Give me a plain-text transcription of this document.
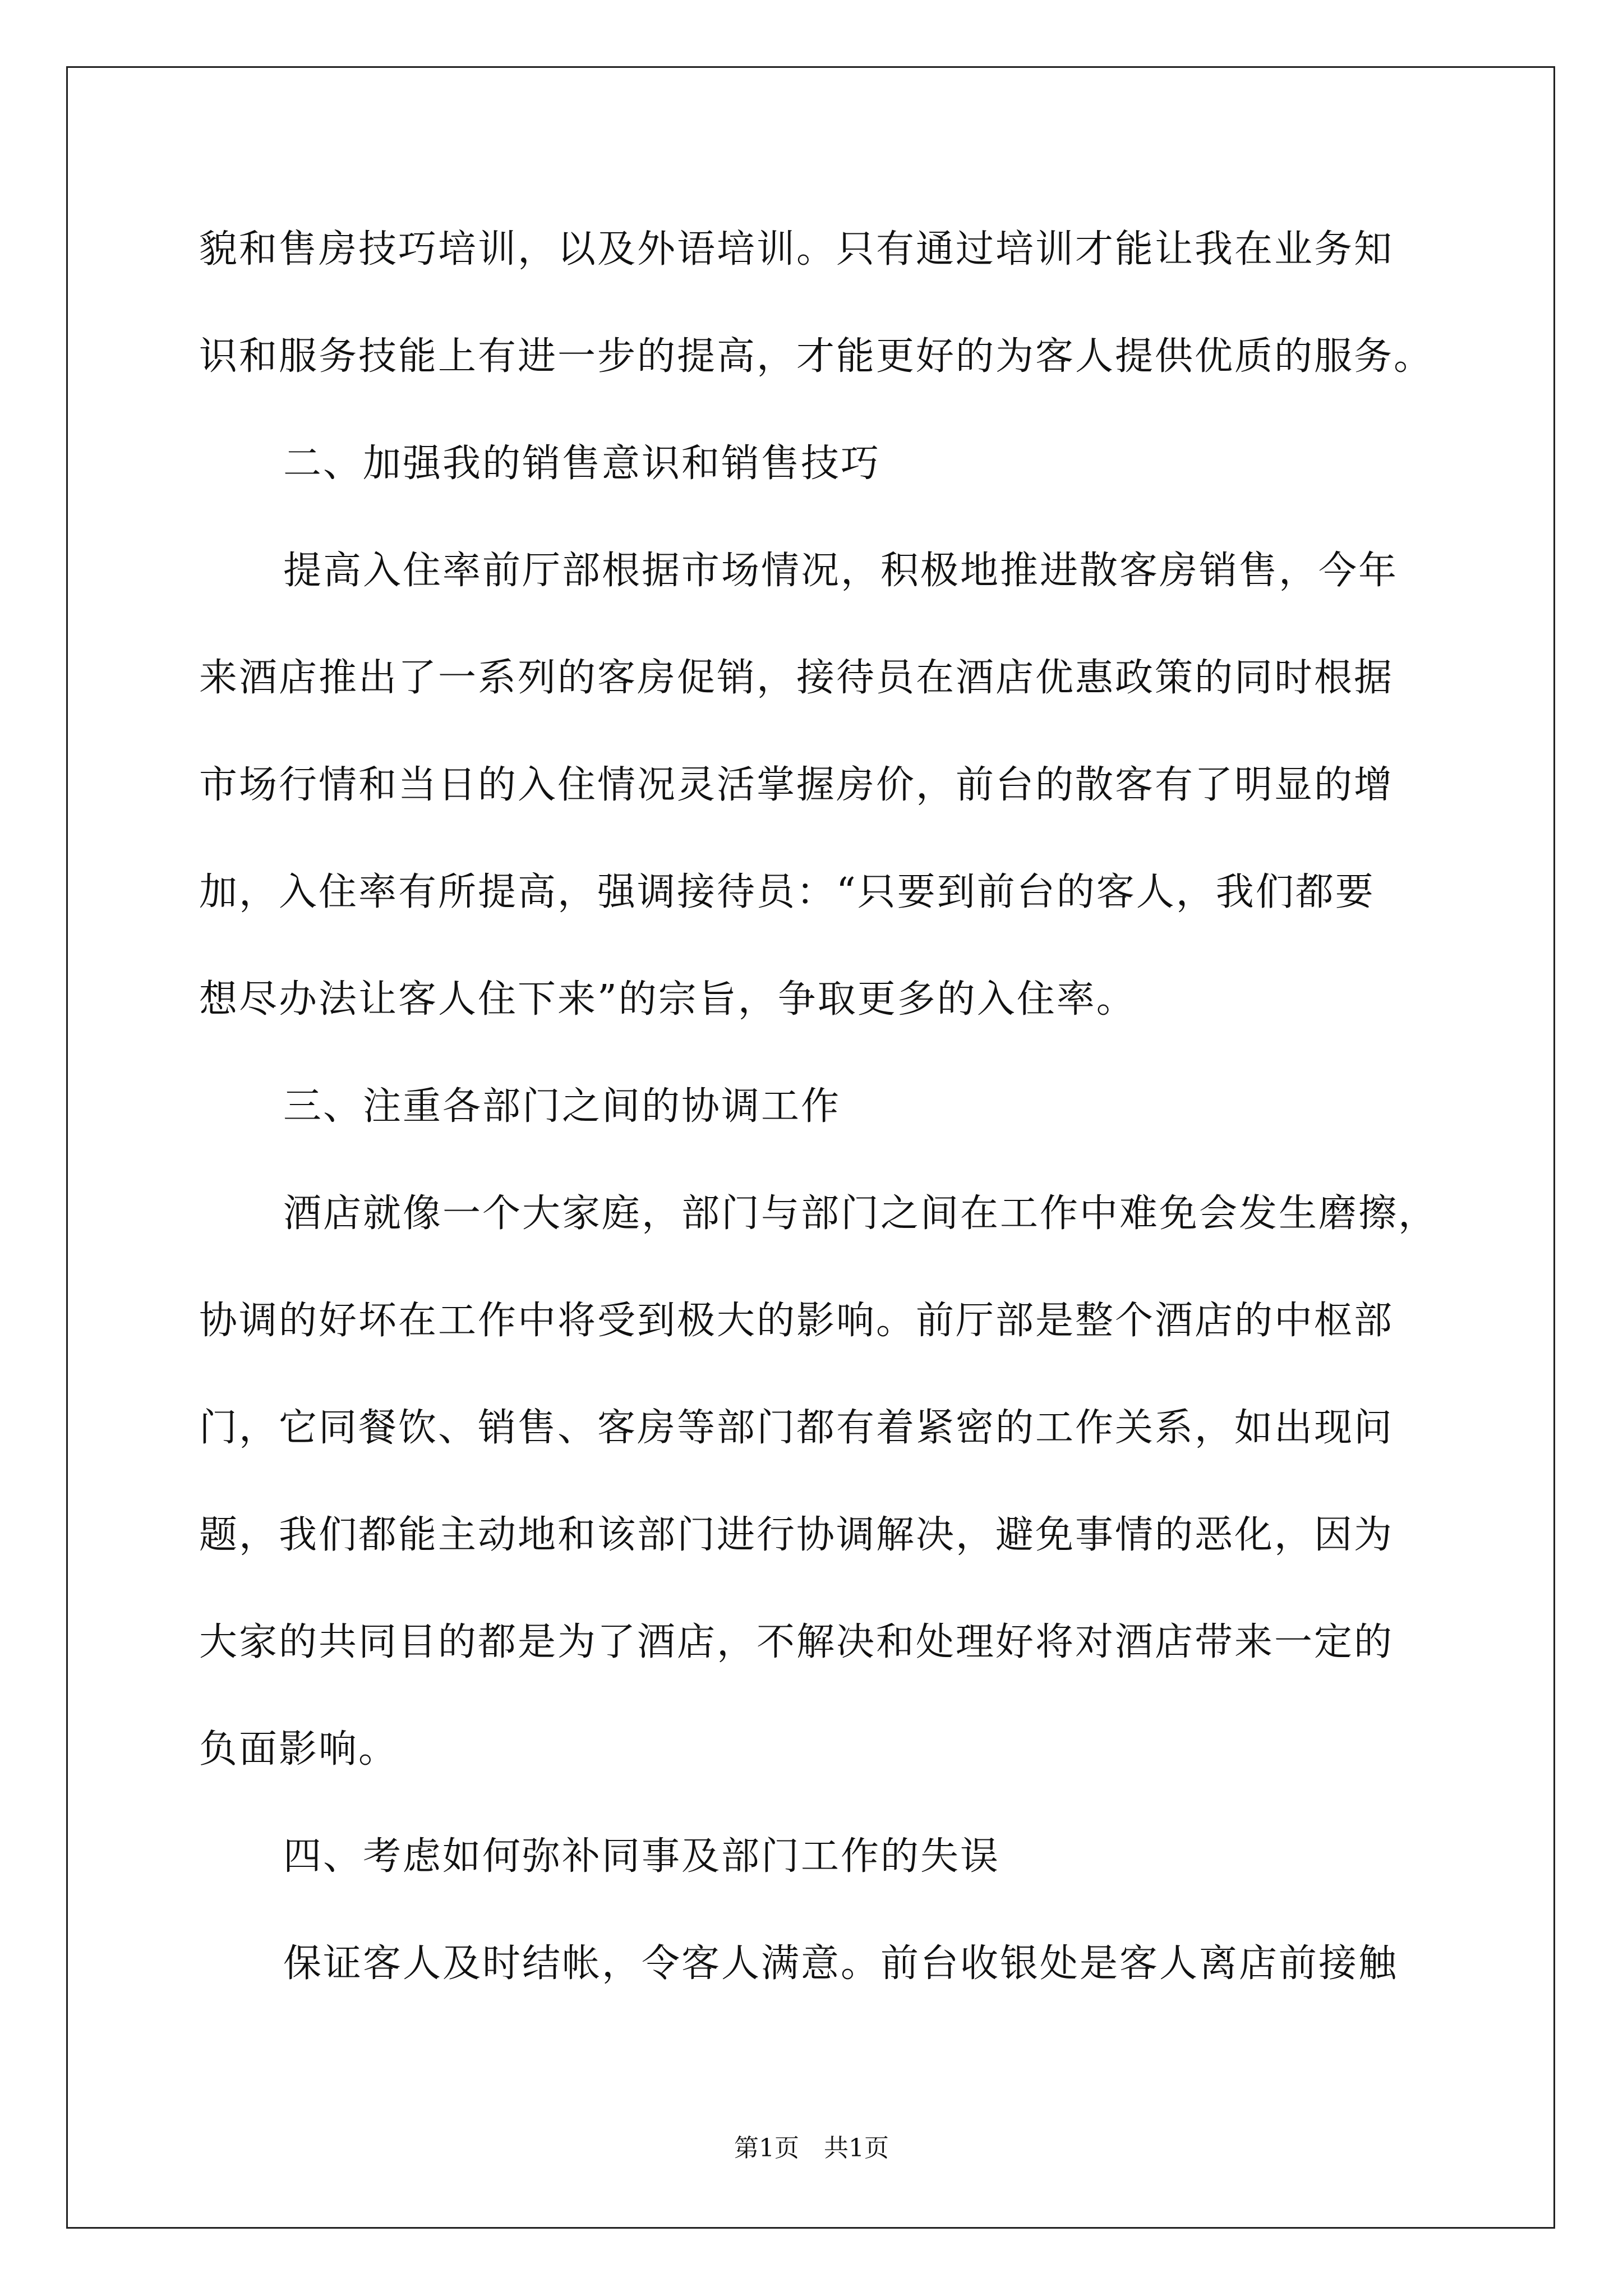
貌和售房技巧培训，以及外语培训。只有通过培训才能让我在业务知
识和服务技能上有进一步的提高，才能更好的为客人提供优质的服务。
二、加强我的销售意识和销售技巧
提高入住率前厅部根据市场情况，积极地推进散客房销售，今年
来酒店推出了一系列的客房促销，接待员在酒店优惠政策的同时根据
市场行情和当日的入住情况灵活掌握房价，前台的散客有了明显的增
加，入住率有所提高，强调接待员：“只要到前台的客人，我们都要
想尽办法让客人住下来”的宗旨，争取更多的入住率。
三、注重各部门之间的协调工作
酒店就像一个大家庭，部门与部门之间在工作中难免会发生磨擦，
协调的好坏在工作中将受到极大的影响。前厅部是整个酒店的中枢部
门，它同餐饮、销售、客房等部门都有着紧密的工作关系，如出现问
题，我们都能主动地和该部门进行协调解决，避免事情的恶化，因为
大家的共同目的都是为了酒店，不解决和处理好将对酒店带来一定的
负面影响。
四、考虑如何弥补同事及部门工作的失误
保证客人及时结帐，令客人满意。前台收银处是客人离店前接触
第1页　共1页
